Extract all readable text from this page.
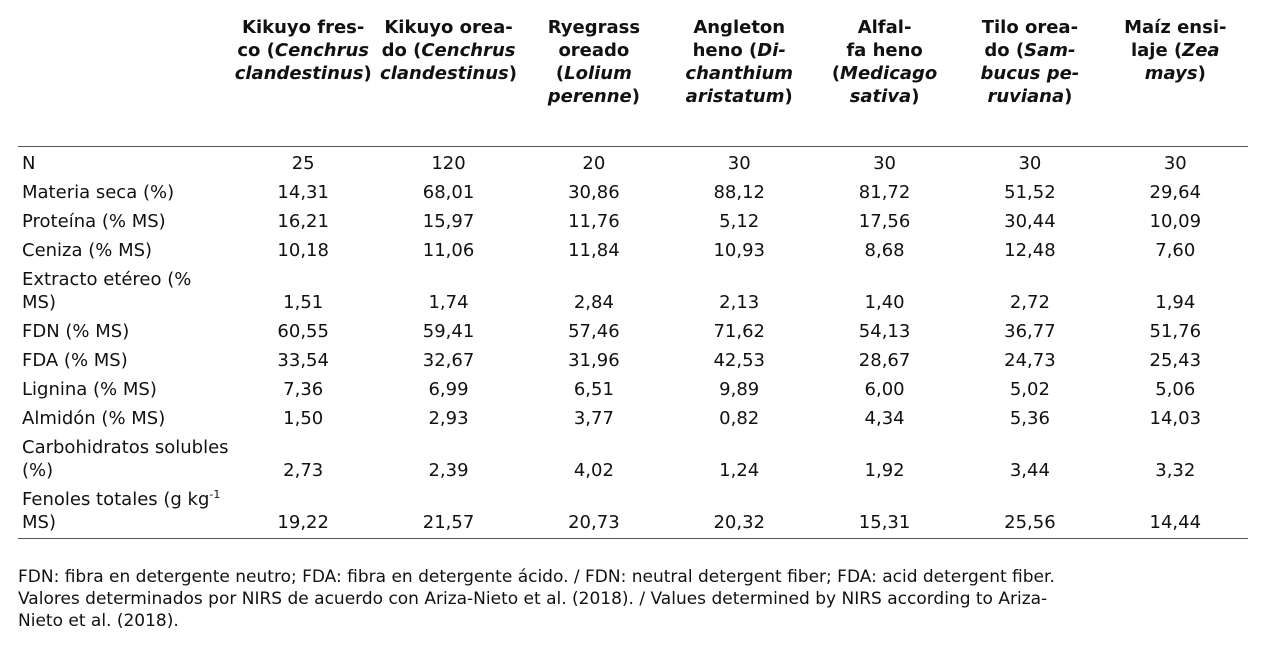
	Kikuyo fres-
co (Cenchrus
clandestinus)	Kikuyo orea-
do (Cenchrus
clandestinus)	Ryegrass
oreado
(Lolium
perenne)	Angleton
heno (Di-
chanthium
aristatum)	Alfal-
fa heno
(Medicago
sativa)	Tilo orea-
do (Sam-
bucus pe-
ruviana)	Maíz ensi-
laje (Zea
mays)
N	25	120	20	30	30	30	30
Materia seca (%)	14,31	68,01	30,86	88,12	81,72	51,52	29,64
Proteína (% MS)	16,21	15,97	11,76	5,12	17,56	30,44	10,09
Ceniza (% MS)	10,18	11,06	11,84	10,93	8,68	12,48	7,60
Extracto etéreo (% MS)	1,51	1,74	2,84	2,13	1,40	2,72	1,94
FDN (% MS)	60,55	59,41	57,46	71,62	54,13	36,77	51,76
FDA (% MS)	33,54	32,67	31,96	42,53	28,67	24,73	25,43
Lignina (% MS)	7,36	6,99	6,51	9,89	6,00	5,02	5,06
Almidón (% MS)	1,50	2,93	3,77	0,82	4,34	5,36	14,03
Carbohidratos solubles (%)	2,73	2,39	4,02	1,24	1,92	3,44	3,32
Fenoles totales (g $kg^{-1}$ MS)	19,22	21,57	20,73	20,32	15,31	25,56	14,44
FDN: fibra en detergente neutro; FDA: fibra en detergente ácido. / FDN: neutral detergent fiber; FDA: acid detergent fiber.
Valores determinados por NIRS de acuerdo con Ariza-Nieto et al. (2018). / Values determined by NIRS according to Ariza-
Nieto et al. (2018).
